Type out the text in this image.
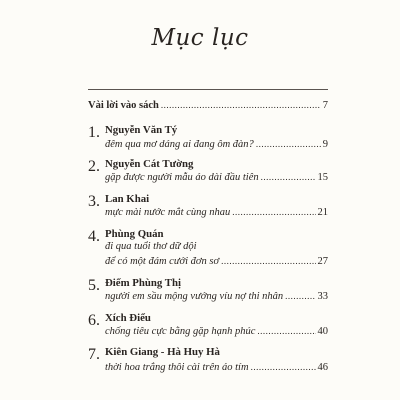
Mục lục
Vài lời vào sách .....	7
1. Nguyễn Văn Tý
đêm qua mơ dáng ai đang ôm đàn? .....	9
2. Nguyễn Cát Tường
gặp được người mẫu áo dài đầu tiên .....	15
3. Lan Khai
mực mài nước mắt cùng nhau .....	21
4. Phùng Quán
đi qua tuổi thơ dữ dội
để có một đám cưới đơn sơ .....	27
5. Điểm Phùng Thị
người em sầu mộng vướng víu nợ thi nhân .....	33
6. Xích Điểu
chống tiêu cực bằng gặp hạnh phúc .....	40
7. Kiên Giang - Hà Huy Hà
thời hoa trắng thôi cài trên áo tím .....	46
